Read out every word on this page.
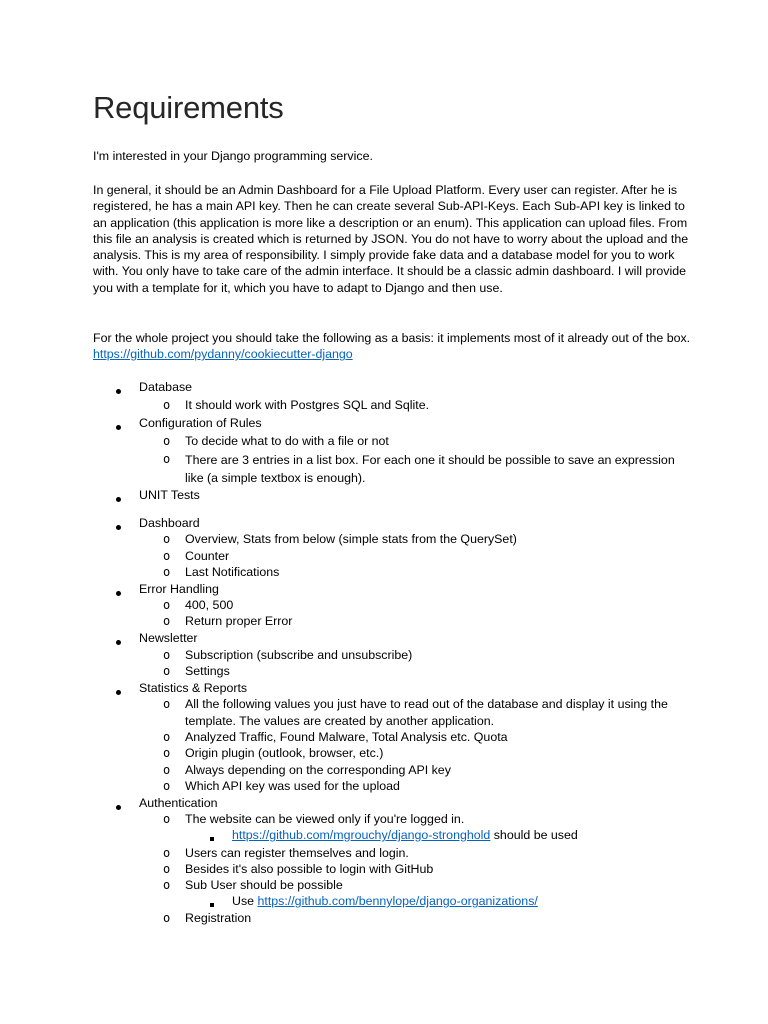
Requirements

I'm interested in your Django programming service.

In general, it should be an Admin Dashboard for a File Upload Platform. Every user can register. After he is registered, he has a main API key. Then he can create several Sub-API-Keys. Each Sub-API key is linked to an application (this application is more like a description or an enum). This application can upload files. From this file an analysis is created which is returned by JSON. You do not have to worry about the upload and the analysis. This is my area of responsibility. I simply provide fake data and a database model for you to work with. You only have to take care of the admin interface. It should be a classic admin dashboard. I will provide you with a template for it, which you have to adapt to Django and then use.

For the whole project you should take the following as a basis: it implements most of it already out of the box. https://github.com/pydanny/cookiecutter-django

Database
o It should work with Postgres SQL and Sqlite.
Configuration of Rules
o To decide what to do with a file or not
o There are 3 entries in a list box. For each one it should be possible to save an expression like (a simple textbox is enough).
UNIT Tests
Dashboard
o Overview, Stats from below (simple stats from the QuerySet)
o Counter
o Last Notifications
Error Handling
o 400, 500
o Return proper Error
Newsletter
o Subscription (subscribe and unsubscribe)
o Settings
Statistics & Reports
o All the following values you just have to read out of the database and display it using the template. The values are created by another application.
o Analyzed Traffic, Found Malware, Total Analysis etc. Quota
o Origin plugin (outlook, browser, etc.)
o Always depending on the corresponding API key
o Which API key was used for the upload
Authentication
o The website can be viewed only if you're logged in.
https://github.com/mgrouchy/django-stronghold should be used
o Users can register themselves and login.
o Besides it's also possible to login with GitHub
o Sub User should be possible
Use https://github.com/bennylope/django-organizations/
o Registration
